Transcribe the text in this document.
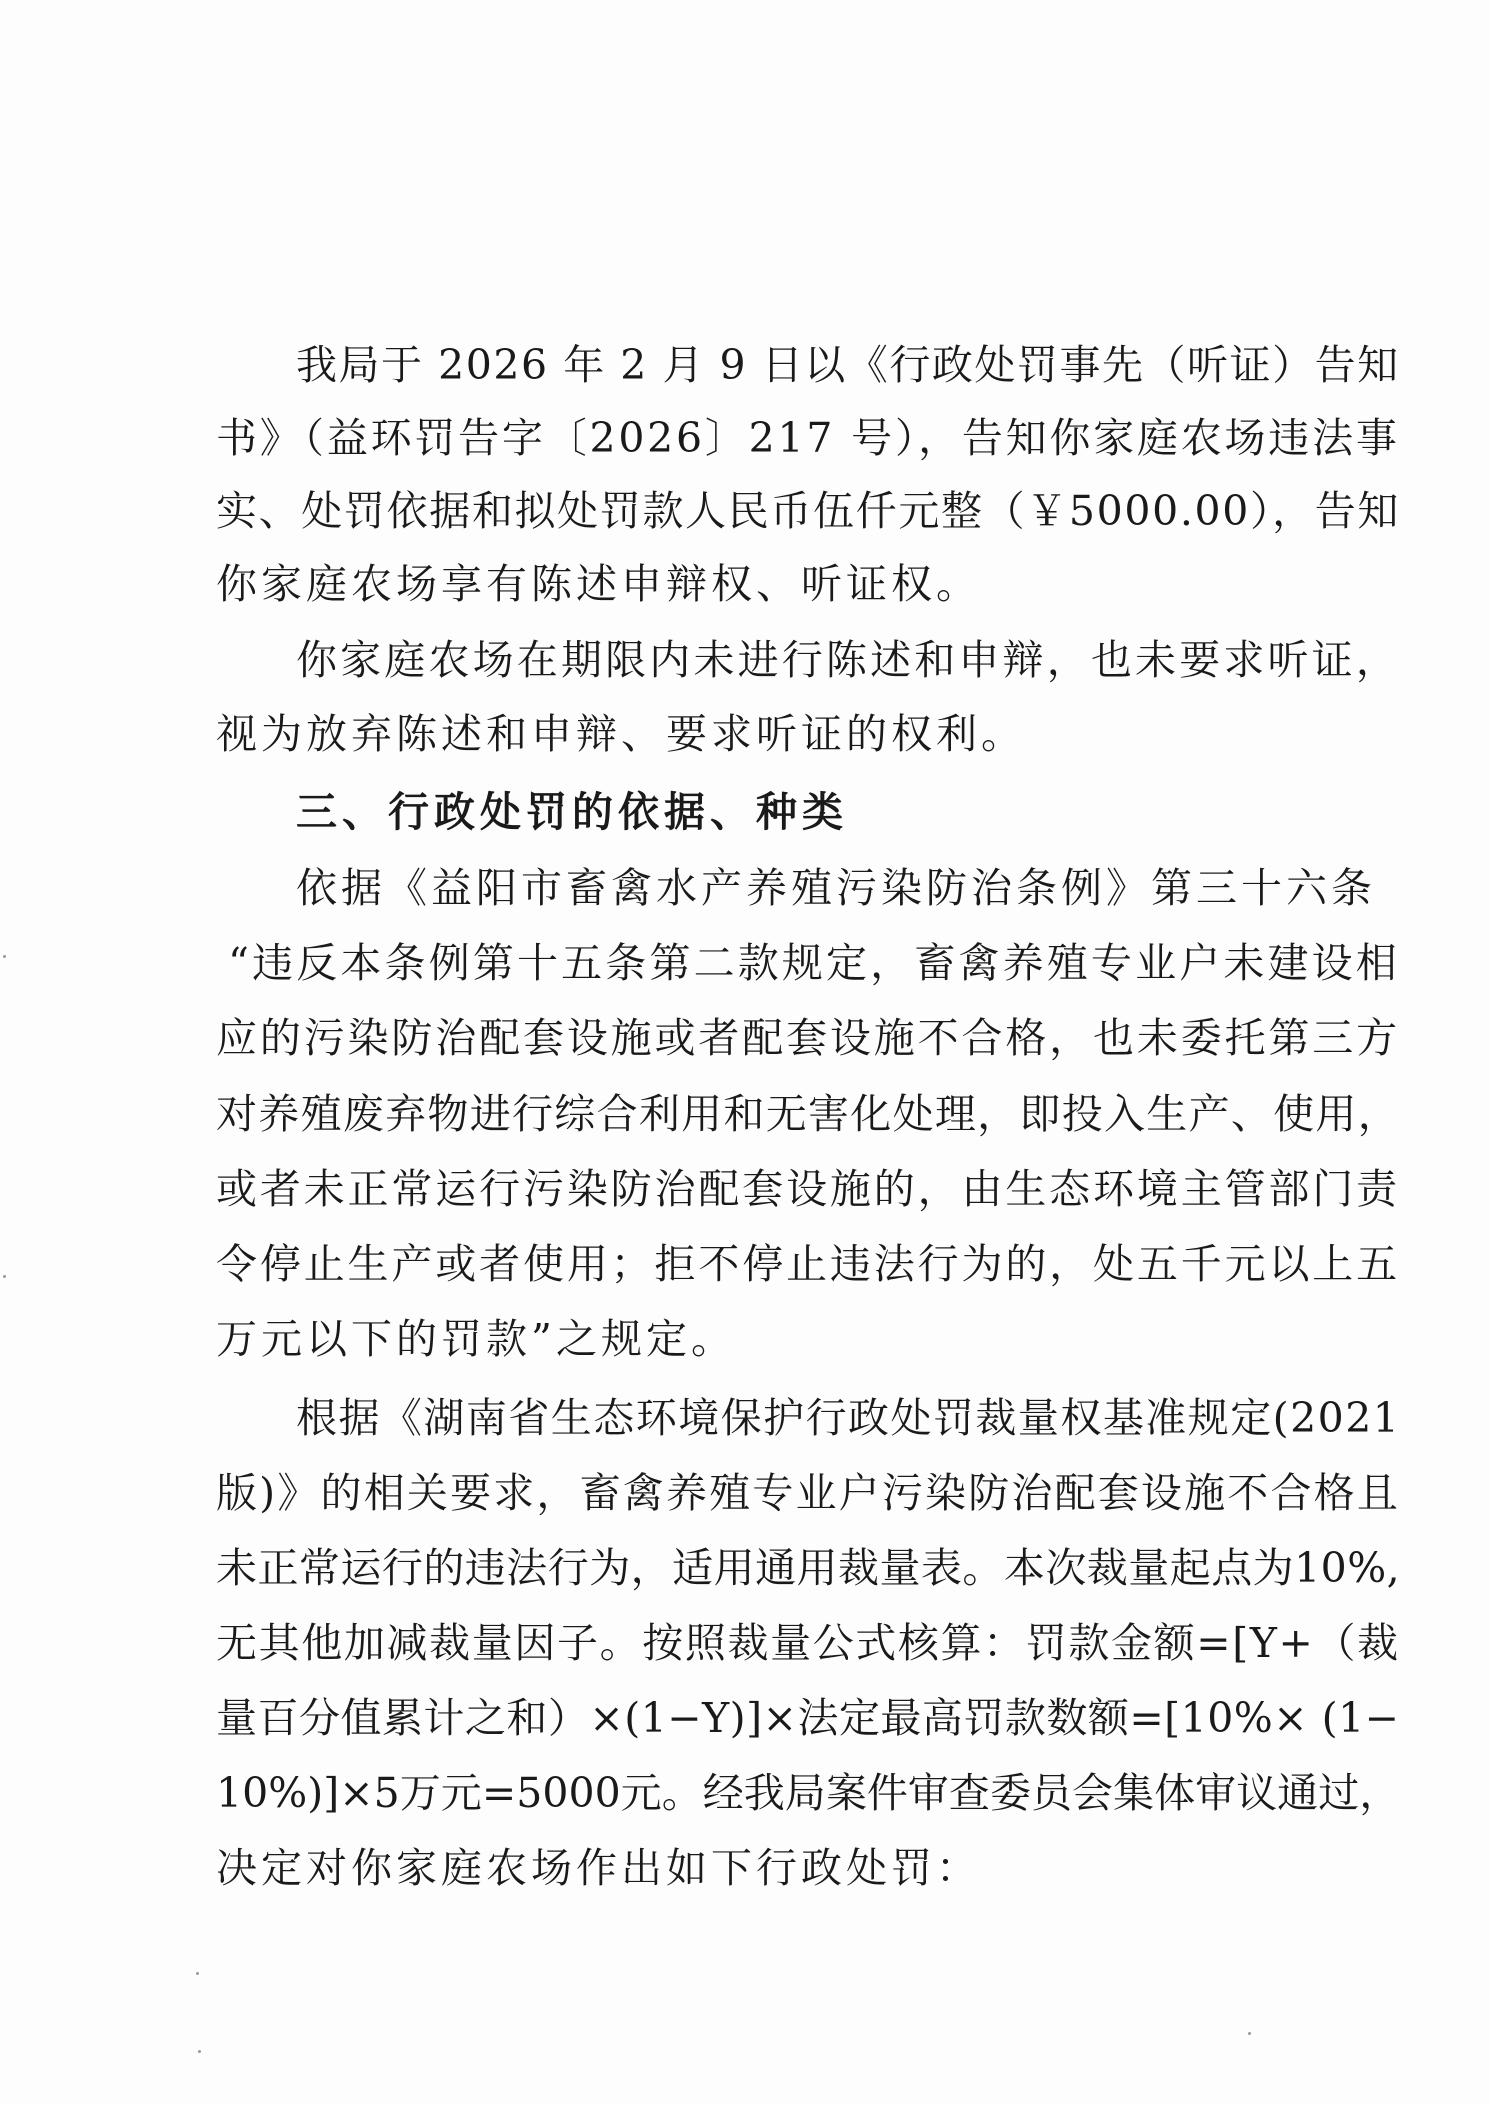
我局于 2026 年 2 月 9 日以《行政处罚事先（听证）告知
书》（益环罚告字〔2026〕217 号），告知你家庭农场违法事
实、处罚依据和拟处罚款人民币伍仟元整（￥5000.00），告知
你家庭农场享有陈述申辩权、听证权。
你家庭农场在期限内未进行陈述和申辩，也未要求听证，
视为放弃陈述和申辩、要求听证的权利。
三、行政处罚的依据、种类
依据《益阳市畜禽水产养殖污染防治条例》第三十六条
“违反本条例第十五条第二款规定，畜禽养殖专业户未建设相
应的污染防治配套设施或者配套设施不合格，也未委托第三方
对养殖废弃物进行综合利用和无害化处理，即投入生产、使用，
或者未正常运行污染防治配套设施的，由生态环境主管部门责
令停止生产或者使用；拒不停止违法行为的，处五千元以上五
万元以下的罚款”之规定。
根据《湖南省生态环境保护行政处罚裁量权基准规定(2021
版)》的相关要求，畜禽养殖专业户污染防治配套设施不合格且
未正常运行的违法行为，适用通用裁量表。本次裁量起点为10%,
无其他加减裁量因子。按照裁量公式核算：罚款金额=[Y+（裁
量百分值累计之和）×(1−Y)]×法定最高罚款数额=[10%× (1−
10%)]×5万元=5000元。经我局案件审查委员会集体审议通过，
决定对你家庭农场作出如下行政处罚：
